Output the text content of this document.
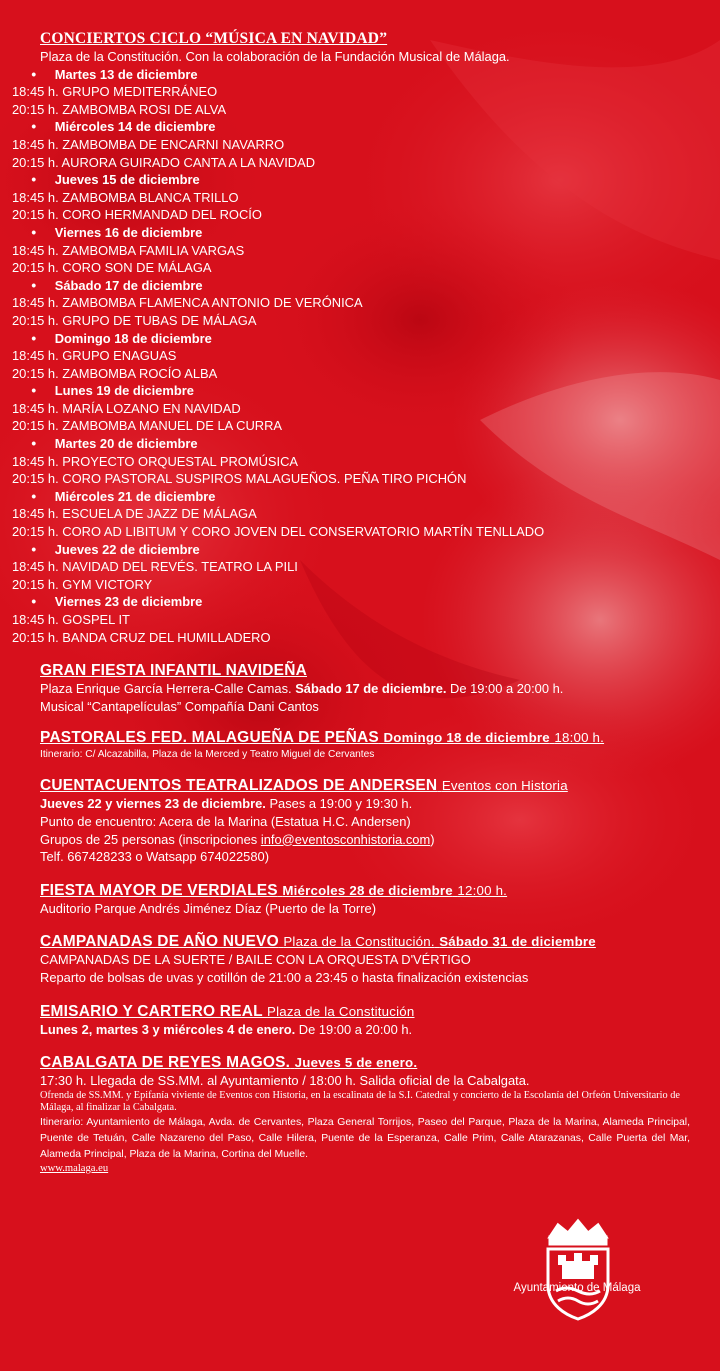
CONCIERTOS CICLO “MÚSICA EN NAVIDAD”
Plaza de la Constitución. Con la colaboración de la Fundación Musical de Málaga.
• Martes 13 de diciembre
18:45 h. GRUPO MEDITERRÁNEO
20:15 h. ZAMBOMBA ROSI DE ALVA
• Miércoles 14 de diciembre
18:45 h. ZAMBOMBA DE ENCARNI NAVARRO
20:15 h. AURORA GUIRADO CANTA A LA NAVIDAD
• Jueves 15 de diciembre
18:45 h. ZAMBOMBA BLANCA TRILLO
20:15 h. CORO HERMANDAD DEL ROCÍO
• Viernes 16 de diciembre
18:45 h. ZAMBOMBA FAMILIA VARGAS
20:15 h. CORO SON DE MÁLAGA
• Sábado 17 de diciembre
18:45 h. ZAMBOMBA FLAMENCA ANTONIO DE VERÓNICA
20:15 h. GRUPO DE TUBAS DE MÁLAGA
• Domingo 18 de diciembre
18:45 h. GRUPO ENAGUAS
20:15 h. ZAMBOMBA ROCÍO ALBA
• Lunes 19 de diciembre
18:45 h. MARÍA LOZANO EN NAVIDAD
20:15 h. ZAMBOMBA MANUEL DE LA CURRA
• Martes 20 de diciembre
18:45 h. PROYECTO ORQUESTAL PROMÚSICA
20:15 h. CORO PASTORAL SUSPIROS MALAGUEÑOS. PEÑA TIRO PICHÓN
• Miércoles 21 de diciembre
18:45 h. ESCUELA DE JAZZ DE MÁLAGA
20:15 h. CORO AD LIBITUM Y CORO JOVEN DEL CONSERVATORIO MARTÍN TENLLADO
• Jueves 22 de diciembre
18:45 h. NAVIDAD DEL REVÉS. TEATRO LA PILI
20:15 h. GYM VICTORY
• Viernes 23 de diciembre
18:45 h. GOSPEL IT
20:15 h. BANDA CRUZ DEL HUMILLADERO
GRAN FIESTA INFANTIL NAVIDEÑA
Plaza Enrique García Herrera-Calle Camas. Sábado 17 de diciembre. De 19:00 a 20:00 h.
Musical “Cantapelículas” Compañía Dani Cantos
PASTORALES FED. MALAGUEÑA DE PEÑAS Domingo 18 de diciembre 18:00 h.
Itinerario: C/ Alcazabilla, Plaza de la Merced y Teatro Miguel de Cervantes
CUENTACUENTOS TEATRALIZADOS DE ANDERSEN Eventos con Historia
Jueves 22 y viernes 23 de diciembre. Pases a 19:00 y 19:30 h.
Punto de encuentro: Acera de la Marina (Estatua H.C. Andersen)
Grupos de 25 personas (inscripciones info@eventosconhistoria.com)
Telf. 667428233 o Watsapp 674022580)
FIESTA MAYOR DE VERDIALES Miércoles 28 de diciembre 12:00 h.
Auditorio Parque Andrés Jiménez Díaz (Puerto de la Torre)
CAMPANADAS DE AÑO NUEVO Plaza de la Constitución. Sábado 31 de diciembre
CAMPANADAS DE LA SUERTE / BAILE CON LA ORQUESTA D'VÉRTIGO
Reparto de bolsas de uvas y cotillón de 21:00 a 23:45 o hasta finalización existencias
EMISARIO Y CARTERO REAL Plaza de la Constitución
Lunes 2, martes 3 y miércoles 4 de enero. De 19:00 a 20:00 h.
CABALGATA DE REYES MAGOS. Jueves 5 de enero.
17:30 h. Llegada de SS.MM. al Ayuntamiento / 18:00 h. Salida oficial de la Cabalgata.
Ofrenda de SS.MM. y Epifanía viviente de Eventos con Historia, en la escalinata de la S.I. Catedral y concierto de la Escolanía del Orfeón Universitario de Málaga, al finalizar la Cabalgata.
Itinerario: Ayuntamiento de Málaga, Avda. de Cervantes, Plaza General Torrijos, Paseo del Parque, Plaza de la Marina, Alameda Principal, Puente de Tetuán, Calle Nazareno del Paso, Calle Hilera, Puente de la Esperanza, Calle Prim, Calle Atarazanas, Calle Puerta del Mar, Alameda Principal, Plaza de la Marina, Cortina del Muelle.
www.malaga.eu
Ayuntamiento de Málaga
